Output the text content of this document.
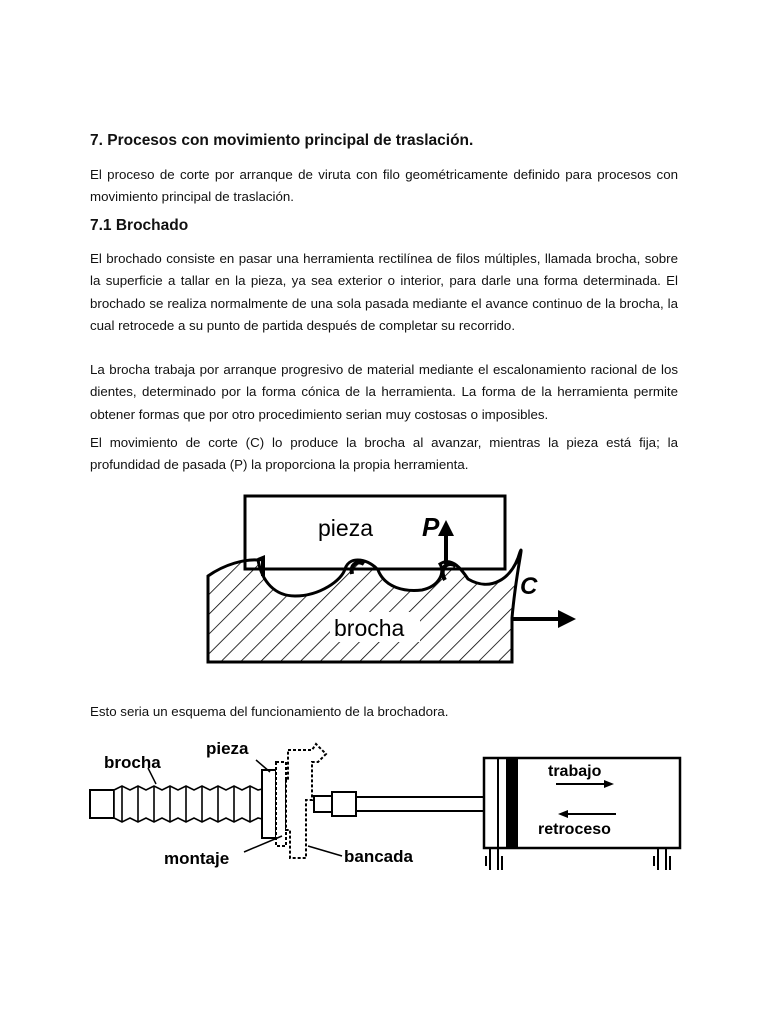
7. Procesos con movimiento principal de traslación.
El proceso de corte por arranque de viruta con filo geométricamente definido para procesos con movimiento principal de traslación.
7.1 Brochado
El brochado consiste en pasar una herramienta rectilínea de filos múltiples, llamada brocha, sobre la superficie a tallar en la pieza, ya sea exterior o interior, para darle una forma determinada. El brochado se realiza normalmente de una sola pasada mediante el avance continuo de la brocha, la cual retrocede a su punto de partida después de completar su recorrido.
La brocha trabaja por arranque progresivo de material mediante el escalonamiento racional de los dientes, determinado por la forma cónica de la herramienta. La forma de la herramienta permite obtener formas que por otro procedimiento serian muy costosas o imposibles.
El movimiento de corte (C) lo produce la brocha al avanzar, mientras la pieza está fija; la profundidad de pasada (P) la proporciona la propia herramienta.
brocha
pieza P
C
Esto seria un esquema del funcionamiento de la brochadora.
brocha
pieza
montaje	bancada
trabajo
retroceso
